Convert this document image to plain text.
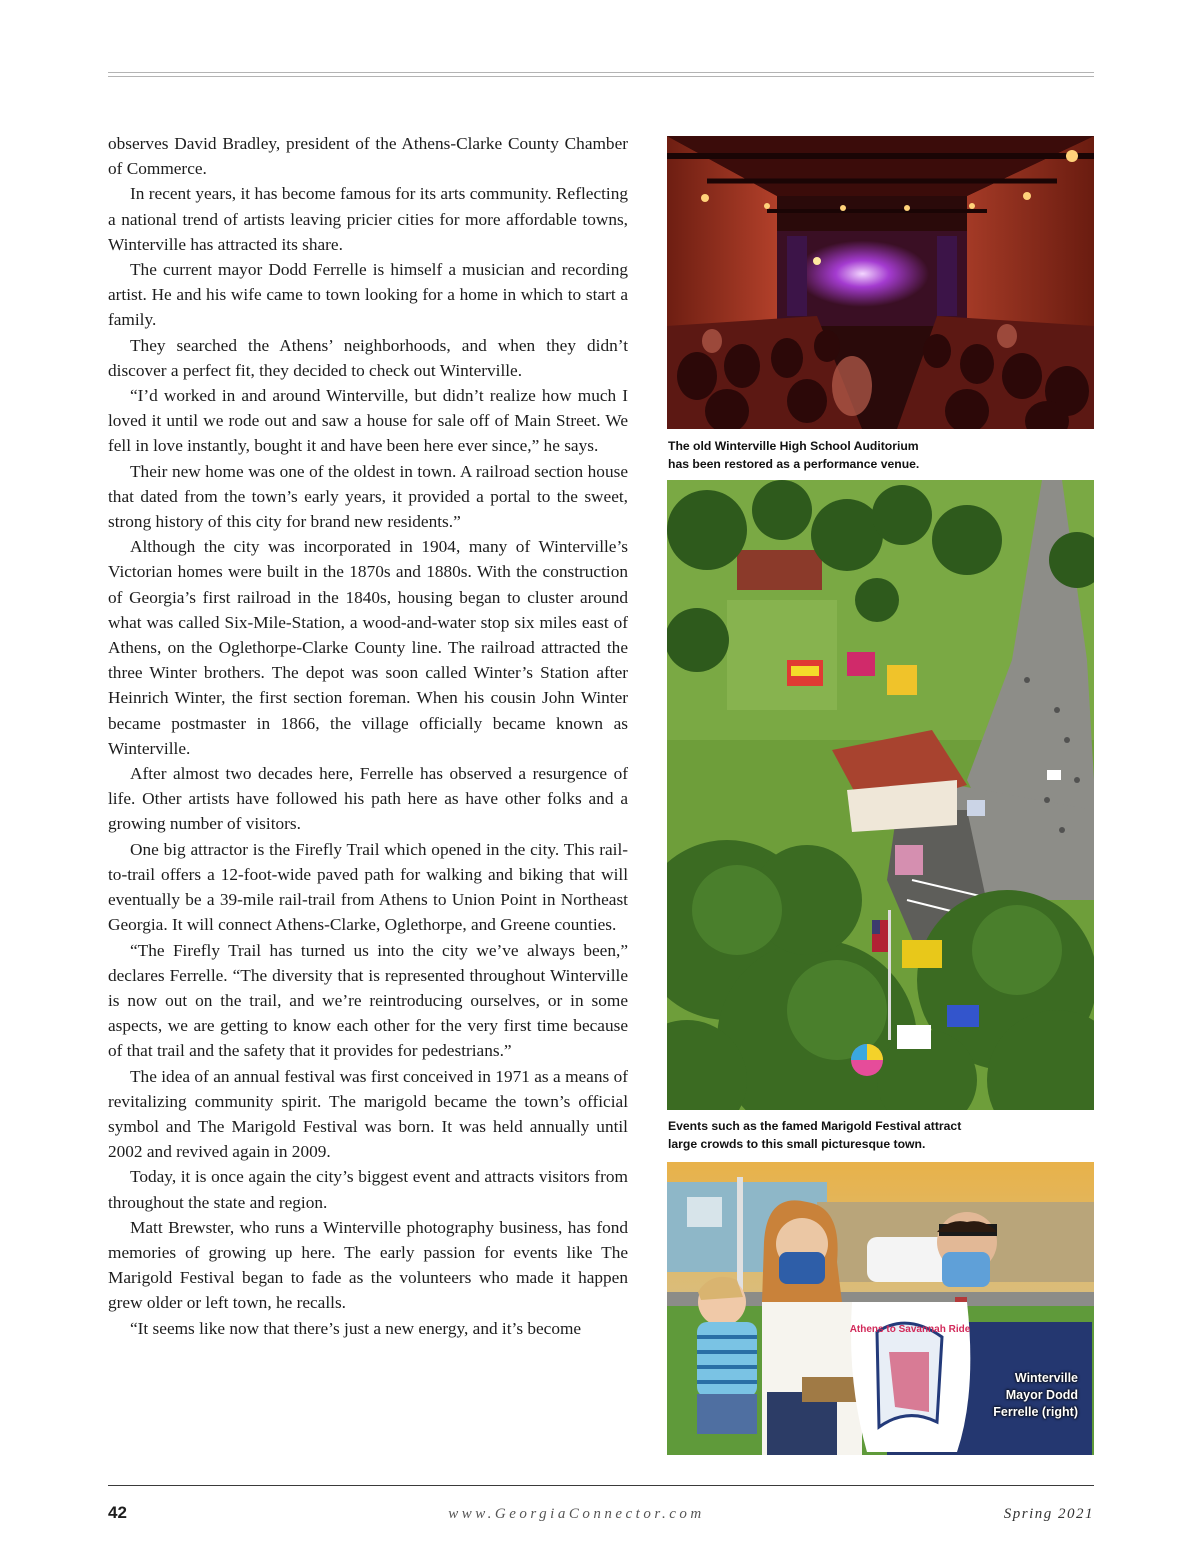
observes David Bradley, president of the Athens-Clarke County Chamber of Commerce.

In recent years, it has become famous for its arts community. Reflecting a national trend of artists leaving pricier cities for more affordable towns, Winterville has attracted its share.

The current mayor Dodd Ferrelle is himself a musician and recording artist. He and his wife came to town looking for a home in which to start a family.

They searched the Athens’ neighborhoods, and when they didn’t discover a perfect fit, they decided to check out Winterville.

“I’d worked in and around Winterville, but didn’t realize how much I loved it until we rode out and saw a house for sale off of Main Street. We fell in love instantly, bought it and have been here ever since,” he says.

Their new home was one of the oldest in town. A railroad section house that dated from the town’s early years, it provided a portal to the sweet, strong history of this city for brand new residents.”

Although the city was incorporated in 1904, many of Winterville’s Victorian homes were built in the 1870s and 1880s. With the construction of Georgia’s first railroad in the 1840s, housing began to cluster around what was called Six-Mile-Station, a wood-and-water stop six miles east of Athens, on the Oglethorpe-Clarke County line. The railroad attracted the three Winter brothers. The depot was soon called Winter’s Station after Heinrich Winter, the first section foreman. When his cousin John Winter became postmaster in 1866, the village officially became known as Winterville.

After almost two decades here, Ferrelle has observed a resurgence of life. Other artists have followed his path here as have other folks and a growing number of visitors.

One big attractor is the Firefly Trail which opened in the city. This rail-to-trail offers a 12-foot-wide paved path for walking and biking that will eventually be a 39-mile rail-trail from Athens to Union Point in Northeast Georgia. It will connect Athens-Clarke, Oglethorpe, and Greene counties.

“The Firefly Trail has turned us into the city we’ve always been,” declares Ferrelle. “The diversity that is represented throughout Winterville is now out on the trail, and we’re reintroducing ourselves, or in some aspects, we are getting to know each other for the very first time because of that trail and the safety that it provides for pedestrians.”

The idea of an annual festival was first conceived in 1971 as a means of revitalizing community spirit. The marigold became the town’s official symbol and The Marigold Festival was born. It was held annually until 2002 and revived again in 2009.

Today, it is once again the city’s biggest event and attracts visitors from throughout the state and region.

Matt Brewster, who runs a Winterville photography business, has fond memories of growing up here. The early passion for events like The Marigold Festival began to fade as the volunteers who made it happen grew older or left town, he recalls.

“It seems like now that there’s just a new energy, and it’s become

The old Winterville High School Auditorium
has been restored as a performance venue.
Events such as the famed Marigold Festival attract
large crowds to this small picturesque town.
Athens to Savannah Ride
Winterville
Mayor Dodd
Ferrelle (right)
42	www.GeorgiaConnector.com	Spring 2021
